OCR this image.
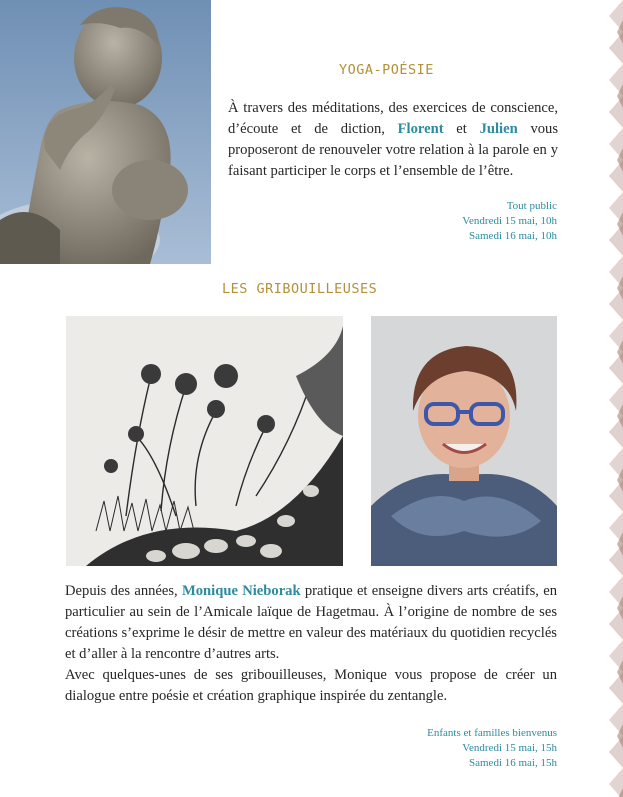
YOGA-POÉSIE
À travers des méditations, des exercices de conscience, d’écoute et de diction, Florent et Julien vous proposeront de renouveler votre relation à la parole en y faisant participer le corps et l’ensemble de l’être.
Tout public
Vendredi 15 mai, 10h
Samedi 16 mai, 10h
LES GRIBOUILLEUSES
Depuis des années, Monique Nieborak pratique et enseigne divers arts créatifs, en particulier au sein de l’Amicale laïque de Hagetmau. À l’origine de nombre de ses créations s’exprime le désir de mettre en valeur des matériaux du quotidien recyclés et d’aller à la rencontre d’autres arts.
Avec quelques-unes de ses gribouilleuses, Monique vous propose de créer un dialogue entre poésie et création graphique inspirée du zentangle.
Enfants et familles bienvenus
Vendredi 15 mai, 15h
Samedi 16 mai, 15h
